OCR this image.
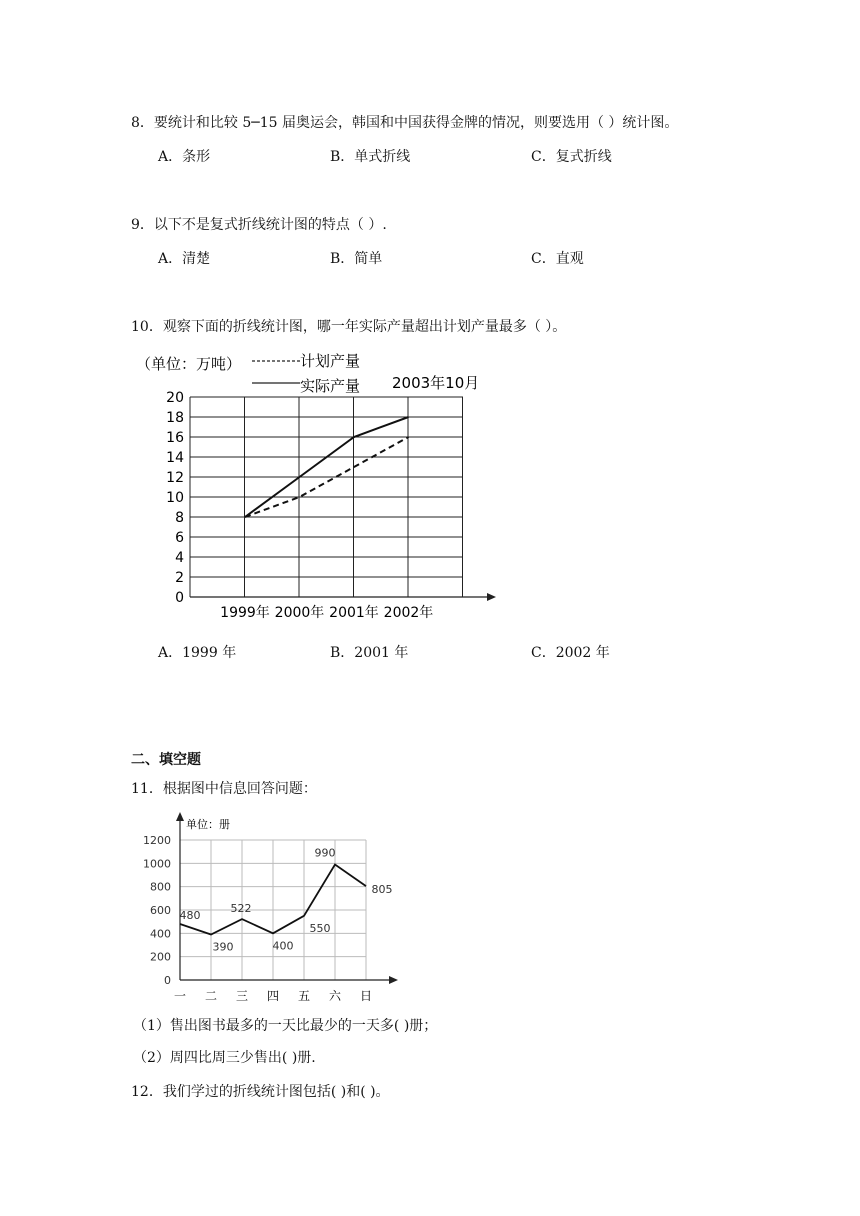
8．要统计和比较 5─15 届奥运会，韩国和中国获得金牌的情况，则要选用（ ）统计图。
A．条形	B．单式折线	C．复式折线
9．以下不是复式折线统计图的特点（ ）.
A．清楚	B．简单	C．直观
10．观察下面的折线统计图，哪一年实际产量超出计划产量最多（ ）。
（单位：万吨）	计划产量
实际产量 2003年10月
0
2
4
6
8
10
12
14
16
18
20
1999年 2000年 2001年 2002年
A．1999 年	B．2001 年	C．2002 年
二、填空题
11．根据图中信息回答问题：
单位：册
0
200
400
600
800
1000
1200
一 二 三 四 五 六 日
480
390
522
400
550
990
805
（1）售出图书最多的一天比最少的一天多( )册；
（2）周四比周三少售出( )册.
12．我们学过的折线统计图包括( )和( )。
